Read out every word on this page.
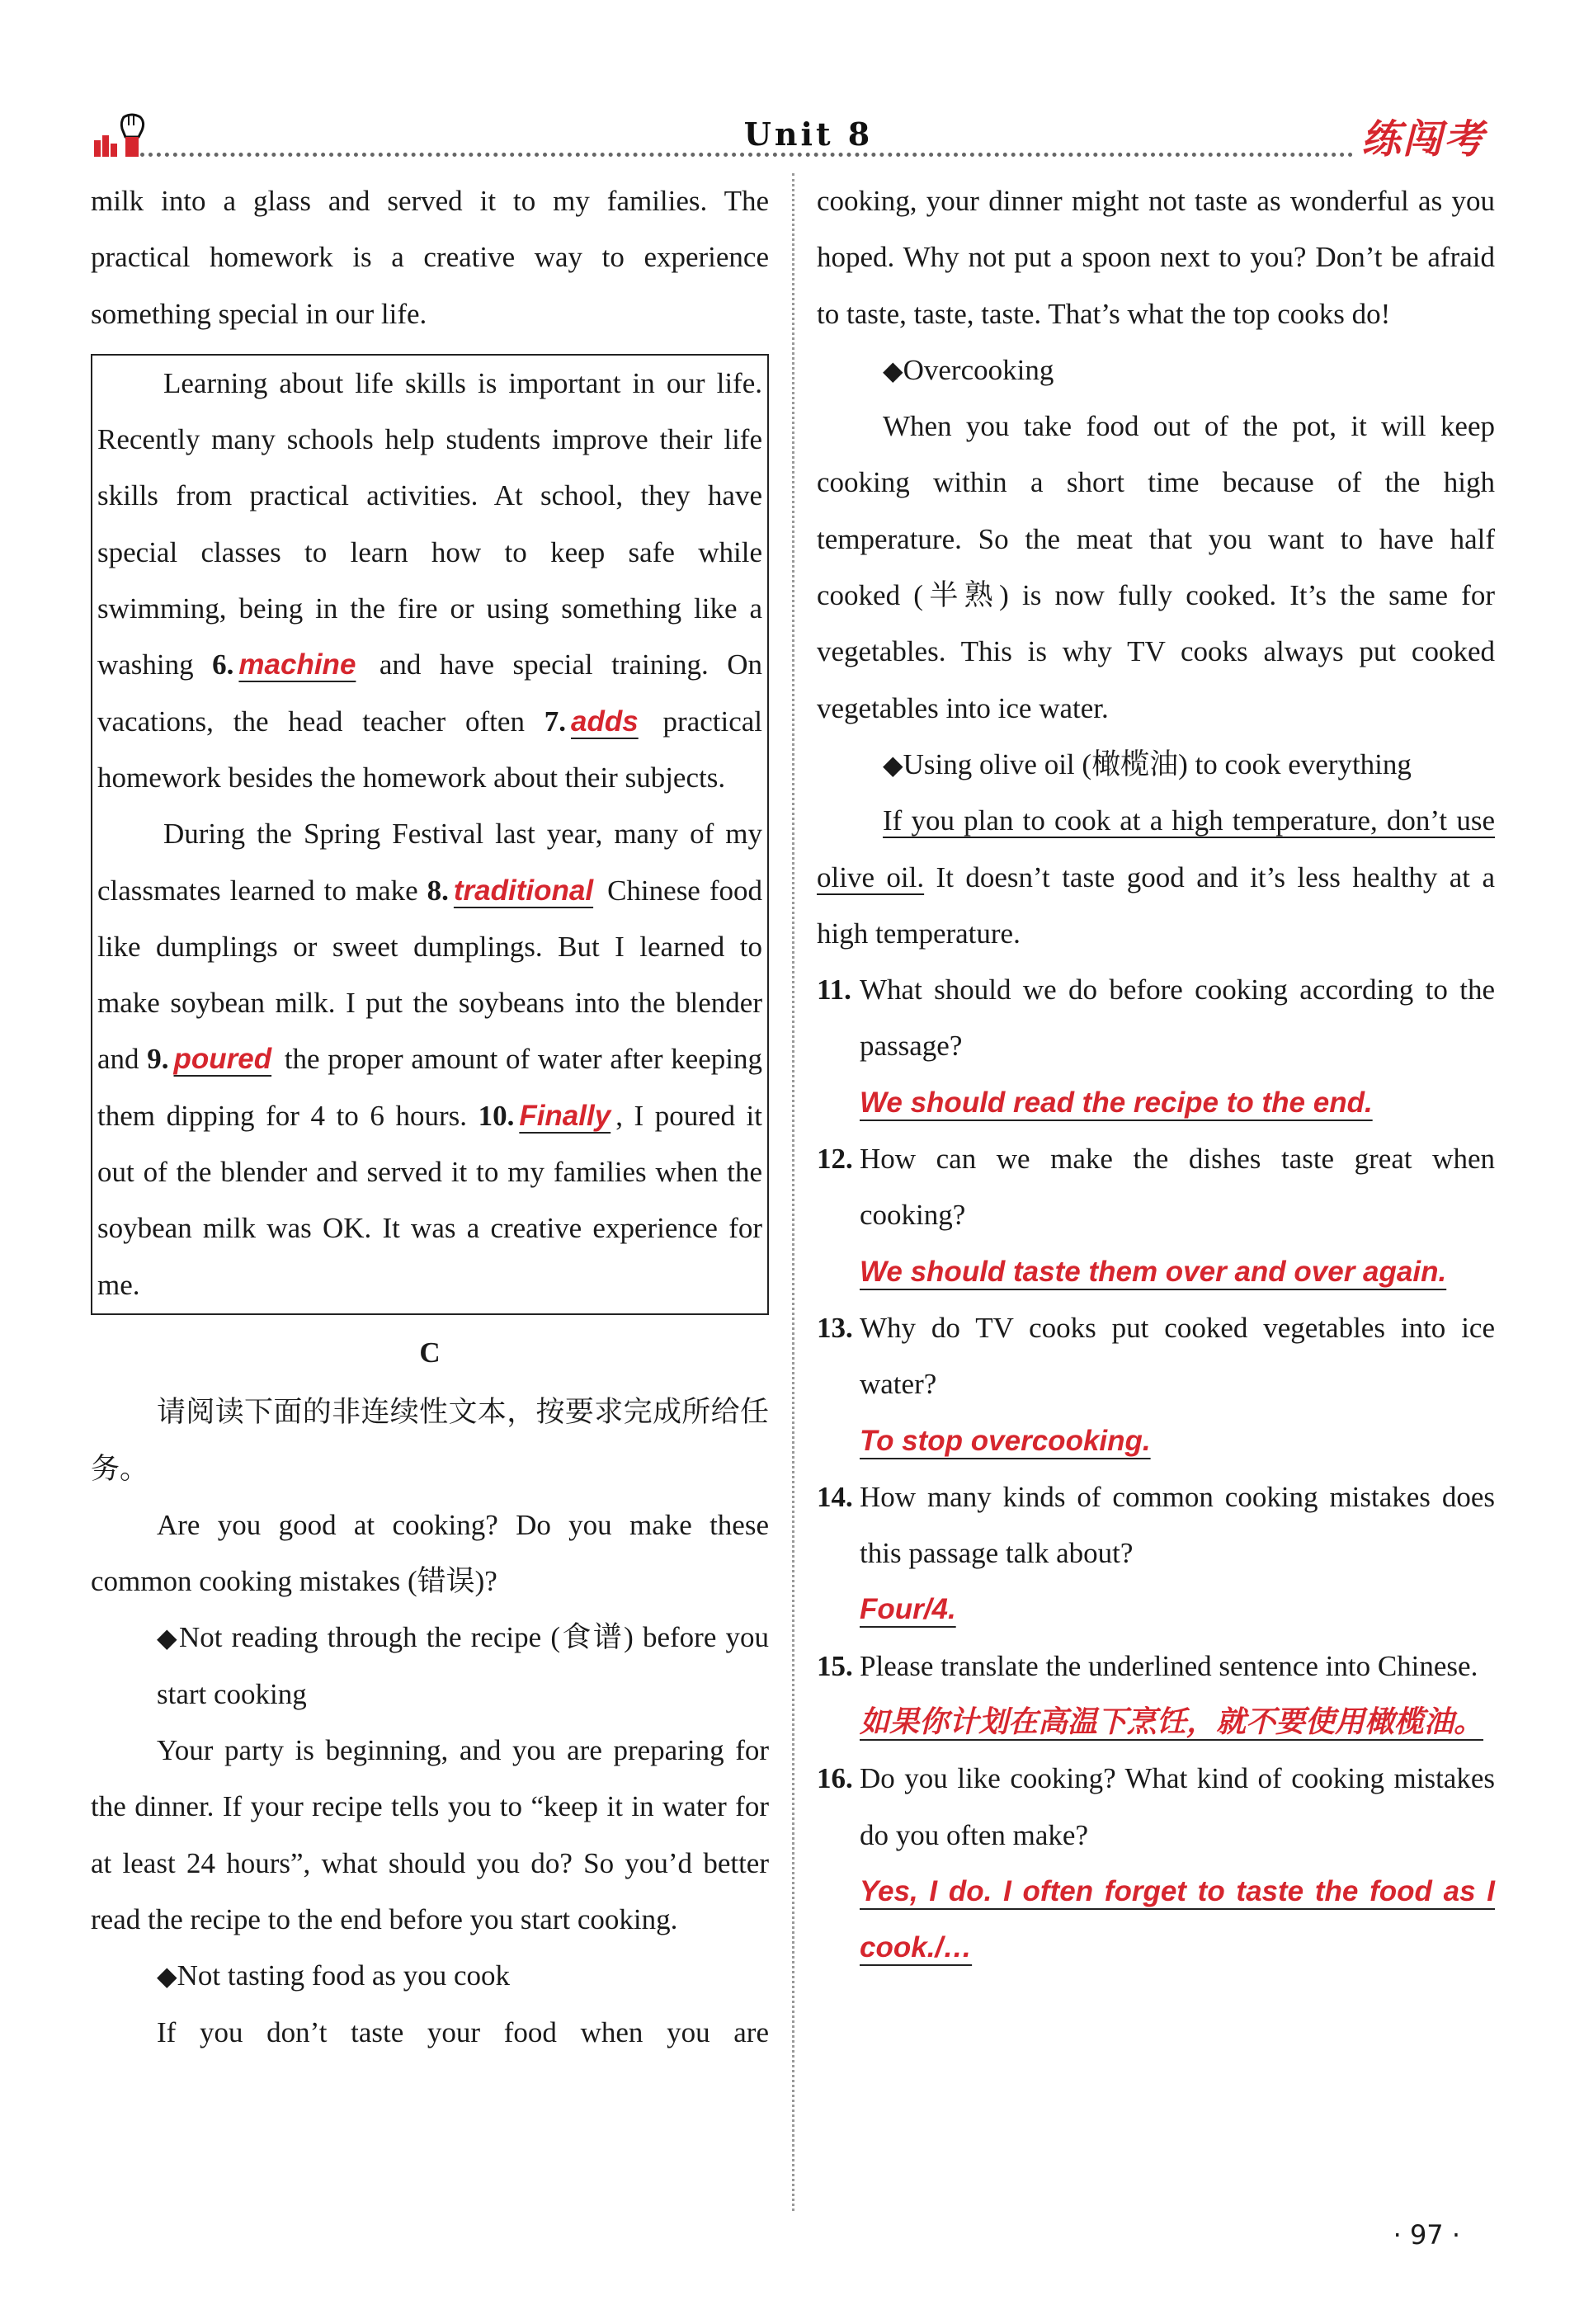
Unit 8	练闯考

milk into a glass and served it to my families. The practical homework is a creative way to experience something special in our life.

Learning about life skills is important in our life. Recently many schools help students improve their life skills from practical activities. At school, they have special classes to learn how to keep safe while swimming, being in the fire or using something like a washing 6. machine and have special training. On vacations, the head teacher often 7. adds practical homework besides the homework about their subjects.

During the Spring Festival last year, many of my classmates learned to make 8. traditional Chinese food like dumplings or sweet dumplings. But I learned to make soybean milk. I put the soybeans into the blender and 9. poured the proper amount of water after keeping them dipping for 4 to 6 hours. 10. Finally , I poured it out of the blender and served it to my families when the soybean milk was OK. It was a creative experience for me.

C

请阅读下面的非连续性文本，按要求完成所给任务。

Are you good at cooking? Do you make these common cooking mistakes (错误)?

◆Not reading through the recipe (食谱) before you start cooking

Your party is beginning, and you are preparing for the dinner. If your recipe tells you to “keep it in water for at least 24 hours”, what should you do? So you’d better read the recipe to the end before you start cooking.

◆Not tasting food as you cook

If you don’t taste your food when you are

cooking, your dinner might not taste as wonderful as you hoped. Why not put a spoon next to you? Don’t be afraid to taste, taste, taste. That’s what the top cooks do!

◆Overcooking

When you take food out of the pot, it will keep cooking within a short time because of the high temperature. So the meat that you want to have half cooked (半熟) is now fully cooked. It’s the same for vegetables. This is why TV cooks always put cooked vegetables into ice water.

◆Using olive oil (橄榄油) to cook everything

If you plan to cook at a high temperature, don’t use olive oil. It doesn’t taste good and it’s less healthy at a high temperature.

11. What should we do before cooking according to the passage?

We should read the recipe to the end.

12. How can we make the dishes taste great when cooking?

We should taste them over and over again.

13. Why do TV cooks put cooked vegetables into ice water?

To stop overcooking.

14. How many kinds of common cooking mistakes does this passage talk about?

Four/4.

15. Please translate the underlined sentence into Chinese.

如果你计划在高温下烹饪，就不要使用橄榄油。

16. Do you like cooking? What kind of cooking mistakes do you often make?

Yes, I do. I often forget to taste the food as I cook./…

· 97 ·
